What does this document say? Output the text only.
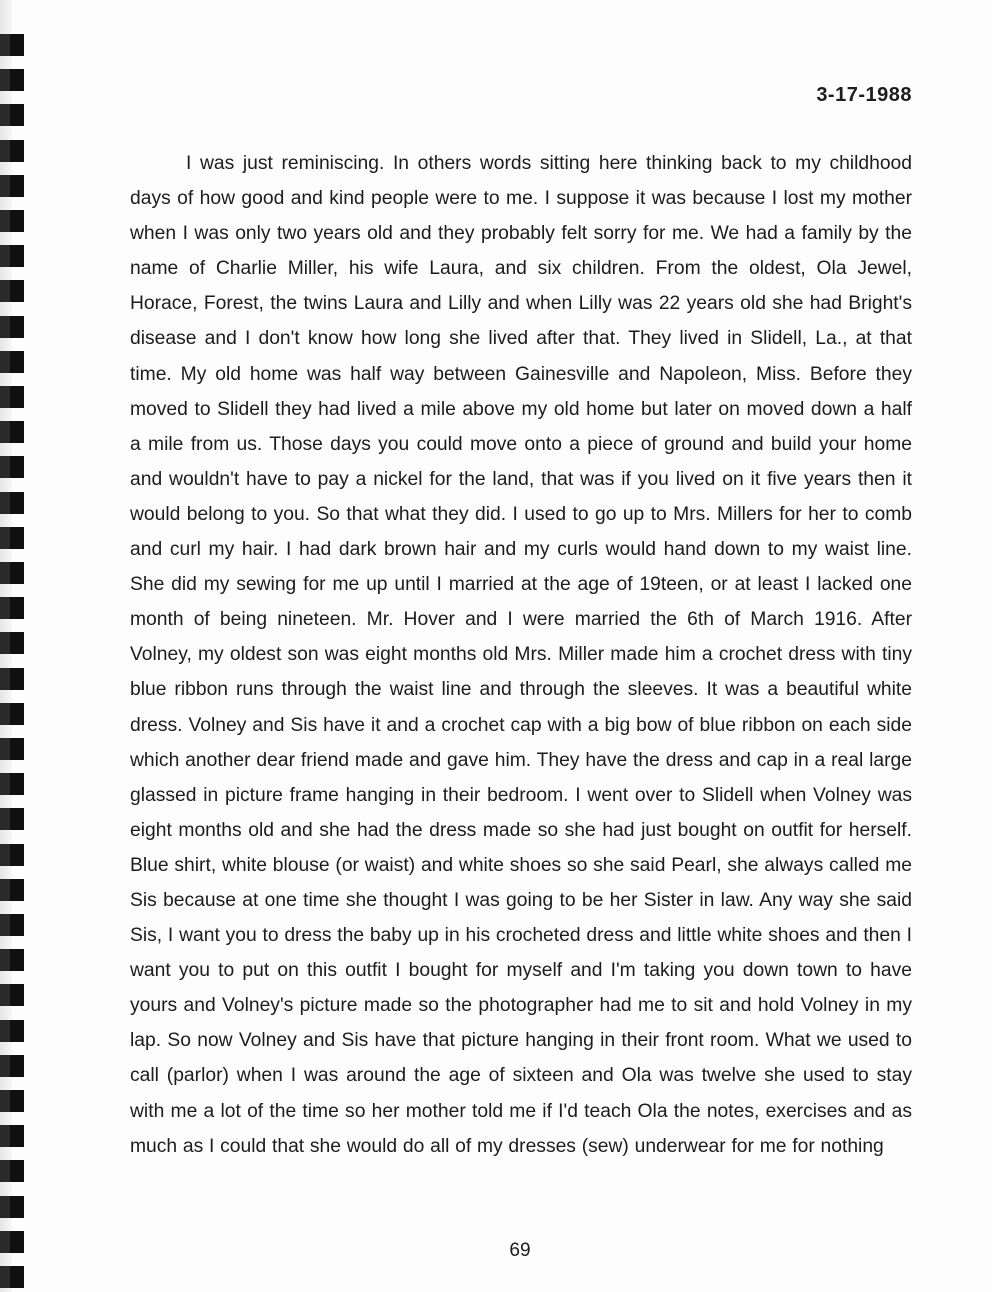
3-17-1988

I was just reminiscing. In others words sitting here thinking back to my childhood days of how good and kind people were to me. I suppose it was because I lost my mother when I was only two years old and they probably felt sorry for me. We had a family by the name of Charlie Miller, his wife Laura, and six children. From the oldest, Ola Jewel, Horace, Forest, the twins Laura and Lilly and when Lilly was 22 years old she had Bright's disease and I don't know how long she lived after that. They lived in Slidell, La., at that time. My old home was half way between Gainesville and Napoleon, Miss. Before they moved to Slidell they had lived a mile above my old home but later on moved down a half a mile from us. Those days you could move onto a piece of ground and build your home and wouldn't have to pay a nickel for the land, that was if you lived on it five years then it would belong to you. So that what they did. I used to go up to Mrs. Millers for her to comb and curl my hair. I had dark brown hair and my curls would hand down to my waist line. She did my sewing for me up until I married at the age of 19teen, or at least I lacked one month of being nineteen. Mr. Hover and I were married the 6th of March 1916. After Volney, my oldest son was eight months old Mrs. Miller made him a crochet dress with tiny blue ribbon runs through the waist line and through the sleeves. It was a beautiful white dress. Volney and Sis have it and a crochet cap with a big bow of blue ribbon on each side which another dear friend made and gave him. They have the dress and cap in a real large glassed in picture frame hanging in their bedroom. I went over to Slidell when Volney was eight months old and she had the dress made so she had just bought on outfit for herself. Blue shirt, white blouse (or waist) and white shoes so she said Pearl, she always called me Sis because at one time she thought I was going to be her Sister in law. Any way she said Sis, I want you to dress the baby up in his crocheted dress and little white shoes and then I want you to put on this outfit I bought for myself and I'm taking you down town to have yours and Volney's picture made so the photographer had me to sit and hold Volney in my lap. So now Volney and Sis have that picture hanging in their front room. What we used to call (parlor) when I was around the age of sixteen and Ola was twelve she used to stay with me a lot of the time so her mother told me if I'd teach Ola the notes, exercises and as much as I could that she would do all of my dresses (sew) underwear for me for nothing

69
